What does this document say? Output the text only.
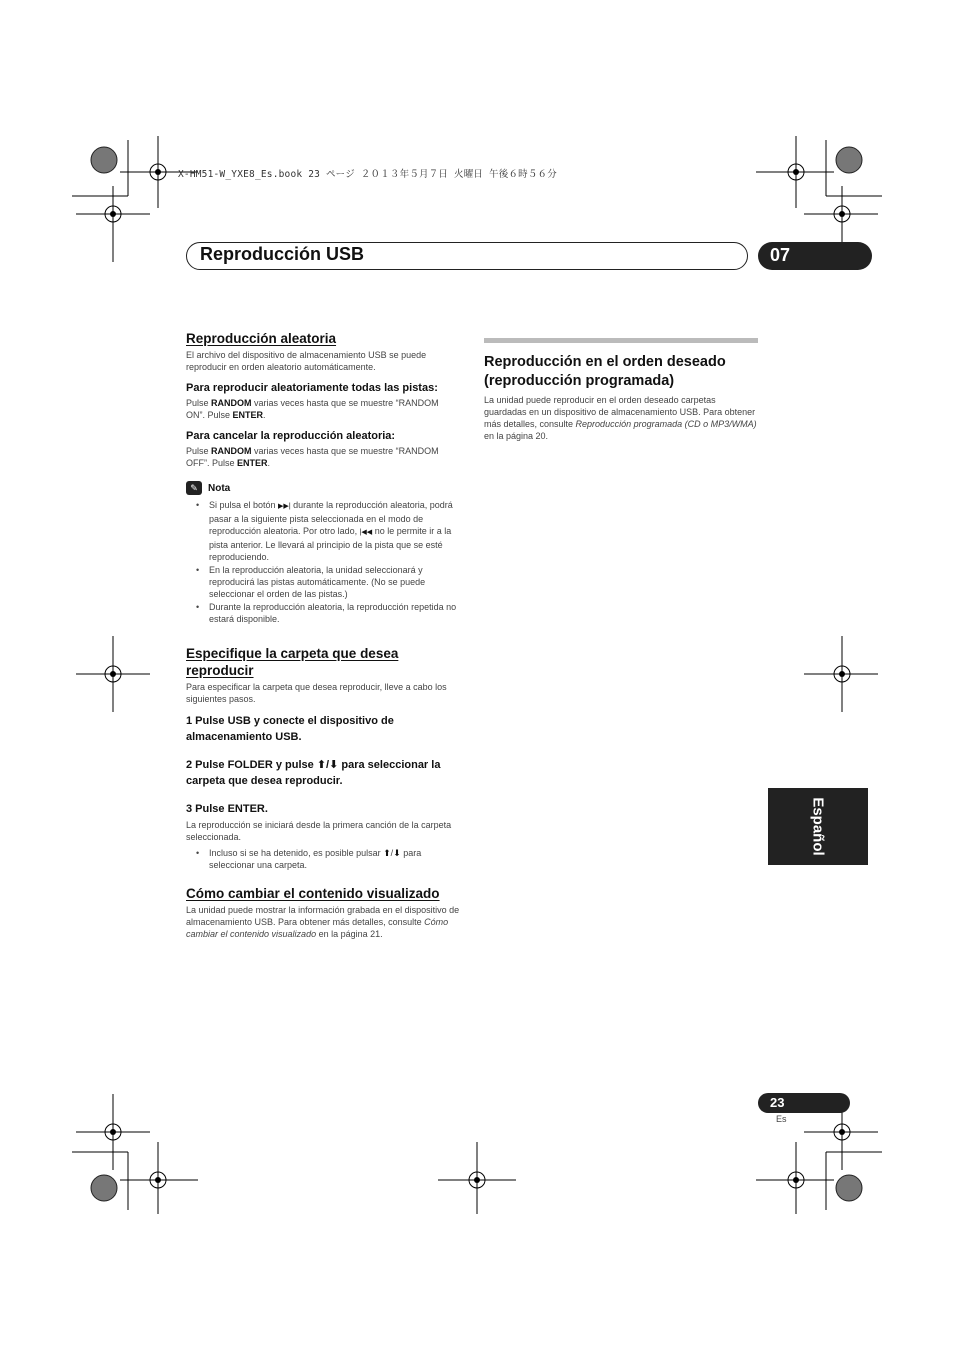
X-HM51-W_YXE8_Es.book 23 ページ ２０１３年５月７日 火曜日 午後６時５６分
Reproducción USB	07
Reproducción aleatoria

El archivo del dispositivo de almacenamiento USB se puede reproducir en orden aleatorio automáticamente.

Para reproducir aleatoriamente todas las pistas:

Pulse RANDOM varias veces hasta que se muestre “RANDOM ON”. Pulse ENTER.

Para cancelar la reproducción aleatoria:

Pulse RANDOM varias veces hasta que se muestre “RANDOM OFF”. Pulse ENTER.

✎	Nota
• Si pulsa el botón ▶▶| durante la reproducción aleatoria, podrá pasar a la siguiente pista seleccionada en el modo de reproducción aleatoria. Por otro lado, |◀◀ no le permite ir a la pista anterior. Le llevará al principio de la pista que se esté reproduciendo.
• En la reproducción aleatoria, la unidad seleccionará y reproducirá las pistas automáticamente. (No se puede seleccionar el orden de las pistas.)
• Durante la reproducción aleatoria, la reproducción repetida no estará disponible.
Especifique la carpeta que desea reproducir

Para especificar la carpeta que desea reproducir, lleve a cabo los siguientes pasos.

1 Pulse USB y conecte el dispositivo de almacenamiento USB.
2 Pulse FOLDER y pulse ⬆/⬇ para seleccionar la carpeta que desea reproducir.
3 Pulse ENTER.

La reproducción se iniciará desde la primera canción de la carpeta seleccionada.

• Incluso si se ha detenido, es posible pulsar ⬆/⬇ para seleccionar una carpeta.
Cómo cambiar el contenido visualizado

La unidad puede mostrar la información grabada en el dispositivo de almacenamiento USB. Para obtener más detalles, consulte Cómo cambiar el contenido visualizado en la página 21.

Reproducción en el orden deseado (reproducción programada)

La unidad puede reproducir en el orden deseado carpetas guardadas en un dispositivo de almacenamiento USB. Para obtener más detalles, consulte Reproducción programada (CD o MP3/WMA) en la página 20.

Español
23
Es
